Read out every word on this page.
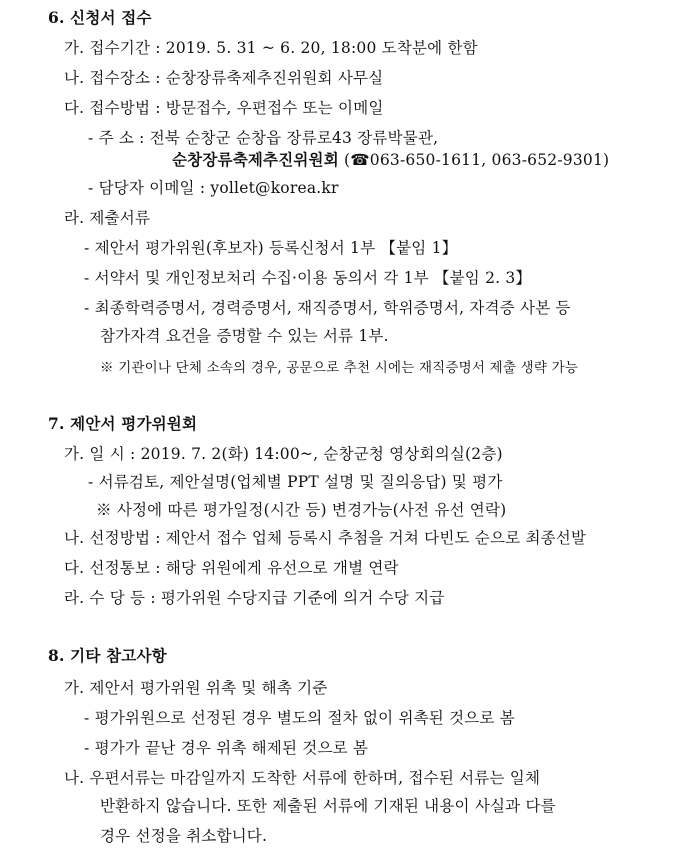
6. 신청서 접수
가. 접수기간 : 2019. 5. 31 ~ 6. 20, 18:00 도착분에 한함
나. 접수장소 : 순창장류축제추진위원회 사무실
다. 접수방법 : 방문접수, 우편접수 또는 이메일
- 주 소 : 전북 순창군 순창읍 장류로43 장류박물관,
순창장류축제추진위원회 (☎063-650-1611, 063-652-9301)
- 담당자 이메일 : yollet@korea.kr
라. 제출서류
- 제안서 평가위원(후보자) 등록신청서 1부 【붙임 1】
- 서약서 및 개인정보처리 수집·이용 동의서 각 1부 【붙임 2. 3】
- 최종학력증명서, 경력증명서, 재직증명서, 학위증명서, 자격증 사본 등
참가자격 요건을 증명할 수 있는 서류 1부.
※ 기관이나 단체 소속의 경우, 공문으로 추천 시에는 재직증명서 제출 생략 가능
7. 제안서 평가위원회
가. 일 시 : 2019. 7. 2(화) 14:00~, 순창군청 영상회의실(2층)
- 서류검토, 제안설명(업체별 PPT 설명 및 질의응답) 및 평가
※ 사정에 따른 평가일정(시간 등) 변경가능(사전 유선 연락)
나. 선정방법 : 제안서 접수 업체 등록시 추첨을 거쳐 다빈도 순으로 최종선발
다. 선정통보 : 해당 위원에게 유선으로 개별 연락
라. 수 당 등 : 평가위원 수당지급 기준에 의거 수당 지급
8. 기타 참고사항
가. 제안서 평가위원 위촉 및 해촉 기준
- 평가위원으로 선정된 경우 별도의 절차 없이 위촉된 것으로 봄
- 평가가 끝난 경우 위촉 해제된 것으로 봄
나. 우편서류는 마감일까지 도착한 서류에 한하며, 접수된 서류는 일체
반환하지 않습니다. 또한 제출된 서류에 기재된 내용이 사실과 다를
경우 선정을 취소합니다.
